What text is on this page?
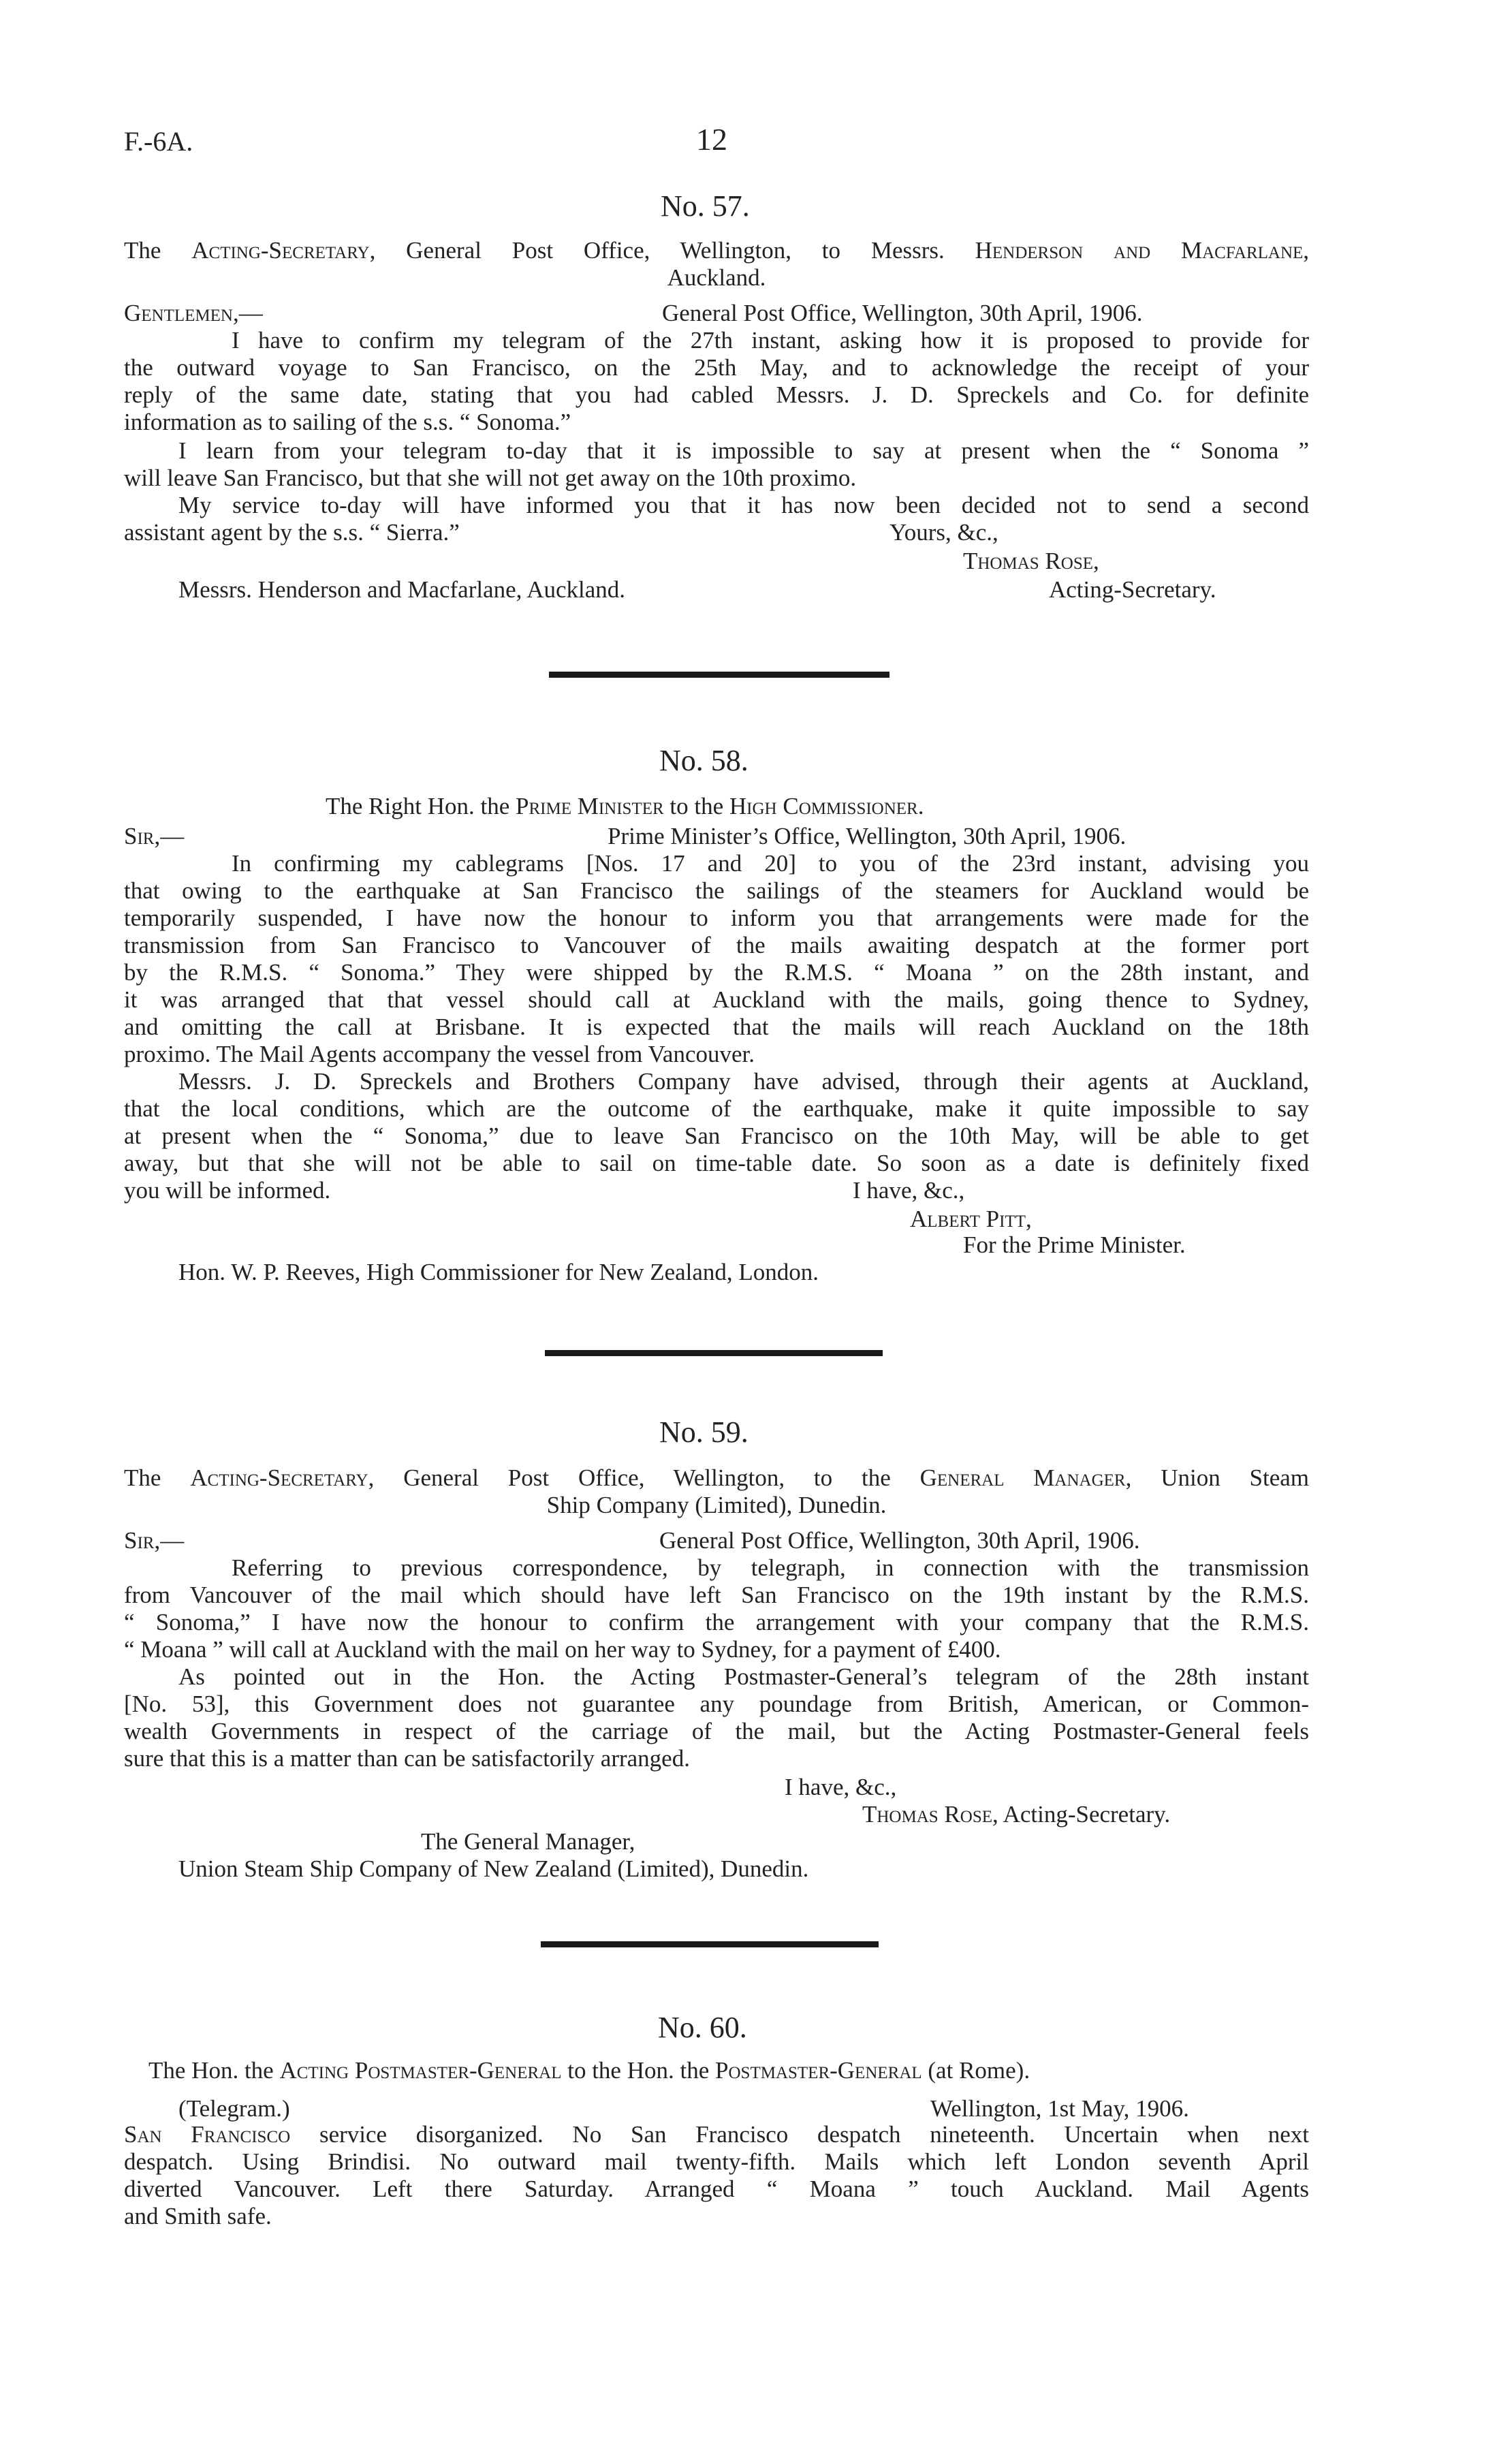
F.-6A.	12
No. 57.
The Acting-Secretary, General Post Office, Wellington, to Messrs. Henderson and Macfarlane,
Auckland.
Gentlemen,—	General Post Office, Wellington, 30th April, 1906.
I have to confirm my telegram of the 27th instant, asking how it is proposed to provide for
the outward voyage to San Francisco, on the 25th May, and to acknowledge the receipt of your
reply of the same date, stating that you had cabled Messrs. J. D. Spreckels and Co. for definite
information as to sailing of the s.s. “ Sonoma.”
I learn from your telegram to-day that it is impossible to say at present when the “ Sonoma ”
will leave San Francisco, but that she will not get away on the 10th proximo.
My service to-day will have informed you that it has now been decided not to send a second
assistant agent by the s.s. “ Sierra.”	Yours, &c.,
Thomas Rose,
Messrs. Henderson and Macfarlane, Auckland.	Acting-Secretary.
No. 58.
The Right Hon. the Prime Minister to the High Commissioner.
Sir,—	Prime Minister’s Office, Wellington, 30th April, 1906.
In confirming my cablegrams [Nos. 17 and 20] to you of the 23rd instant, advising you
that owing to the earthquake at San Francisco the sailings of the steamers for Auckland would be
temporarily suspended, I have now the honour to inform you that arrangements were made for the
transmission from San Francisco to Vancouver of the mails awaiting despatch at the former port
by the R.M.S. “ Sonoma.” They were shipped by the R.M.S. “ Moana ” on the 28th instant, and
it was arranged that that vessel should call at Auckland with the mails, going thence to Sydney,
and omitting the call at Brisbane. It is expected that the mails will reach Auckland on the 18th
proximo. The Mail Agents accompany the vessel from Vancouver.
Messrs. J. D. Spreckels and Brothers Company have advised, through their agents at Auckland,
that the local conditions, which are the outcome of the earthquake, make it quite impossible to say
at present when the “ Sonoma,” due to leave San Francisco on the 10th May, will be able to get
away, but that she will not be able to sail on time-table date. So soon as a date is definitely fixed
you will be informed.	I have, &c.,
Albert Pitt,
For the Prime Minister.
Hon. W. P. Reeves, High Commissioner for New Zealand, London.
No. 59.
The Acting-Secretary, General Post Office, Wellington, to the General Manager, Union Steam
Ship Company (Limited), Dunedin.
Sir,—	General Post Office, Wellington, 30th April, 1906.
Referring to previous correspondence, by telegraph, in connection with the transmission
from Vancouver of the mail which should have left San Francisco on the 19th instant by the R.M.S.
“ Sonoma,” I have now the honour to confirm the arrangement with your company that the R.M.S.
“ Moana ” will call at Auckland with the mail on her way to Sydney, for a payment of £400.
As pointed out in the Hon. the Acting Postmaster-General’s telegram of the 28th instant
[No. 53], this Government does not guarantee any poundage from British, American, or Common-
wealth Governments in respect of the carriage of the mail, but the Acting Postmaster-General feels
sure that this is a matter than can be satisfactorily arranged.
I have, &c.,
Thomas Rose, Acting-Secretary.
The General Manager,
Union Steam Ship Company of New Zealand (Limited), Dunedin.
No. 60.
The Hon. the Acting Postmaster-General to the Hon. the Postmaster-General (at Rome).
(Telegram.)	Wellington, 1st May, 1906.
San Francisco service disorganized. No San Francisco despatch nineteenth. Uncertain when next
despatch. Using Brindisi. No outward mail twenty-fifth. Mails which left London seventh April
diverted Vancouver. Left there Saturday. Arranged “ Moana ” touch Auckland. Mail Agents
and Smith safe.
